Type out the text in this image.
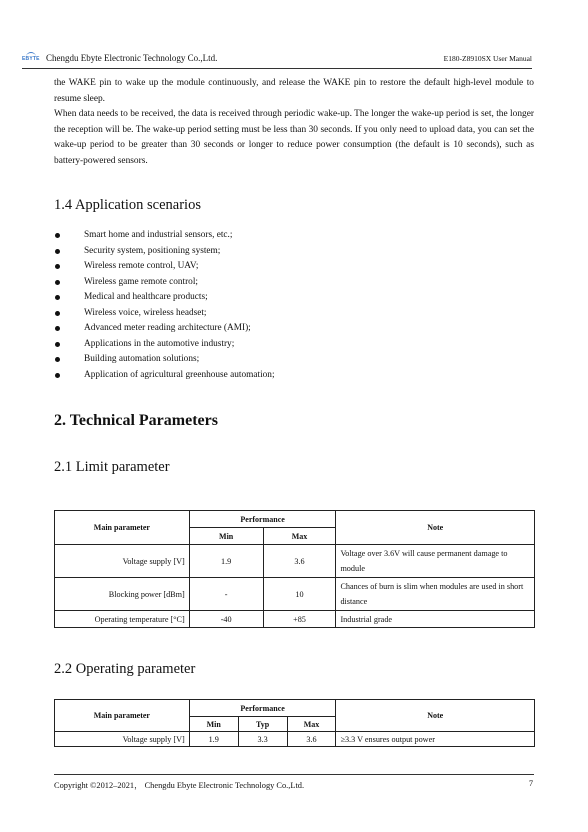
EBYTE Chengdu Ebyte Electronic Technology Co.,Ltd.	E180-Z8910SX User Manual

the WAKE pin to wake up the module continuously, and release the WAKE pin to restore the default high-level module to resume sleep.

When data needs to be received, the data is received through periodic wake-up. The longer the wake-up period is set, the longer the reception will be. The wake-up period setting must be less than 30 seconds. If you only need to upload data, you can set the wake-up period to be greater than 30 seconds or longer to reduce power consumption (the default is 10 seconds), such as battery-powered sensors.

1.4 Application scenarios
Smart home and industrial sensors, etc.;
Security system, positioning system;
Wireless remote control, UAV;
Wireless game remote control;
Medical and healthcare products;
Wireless voice, wireless headset;
Advanced meter reading architecture (AMI);
Applications in the automotive industry;
Building automation solutions;
Application of agricultural greenhouse automation;
2. Technical Parameters
2.1 Limit parameter
Main parameter	Performance		Note
	Min	Max	
Voltage supply [V]	1.9	3.6	Voltage over 3.6V will cause permanent damage to module
Blocking power [dBm]	-	10	Chances of burn is slim when modules are used in short distance
Operating temperature [°C]	-40	+85	Industrial grade
2.2 Operating parameter
Main parameter	Performance			Note
	Min	Typ	Max	
Voltage supply [V]	1.9	3.3	3.6	≥3.3 V ensures output power
Copyright ©2012–2021， Chengdu Ebyte Electronic Technology Co.,Ltd.	7
